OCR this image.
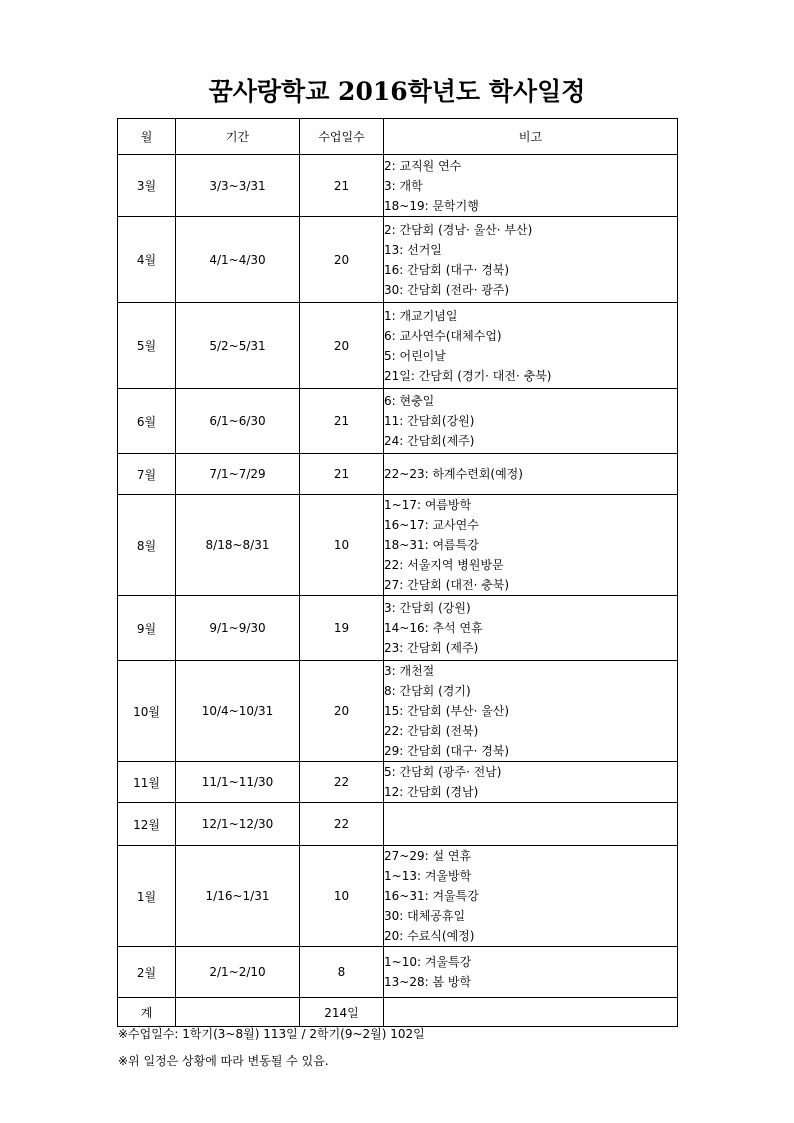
꿈사랑학교 2016학년도 학사일정
월	기간	수업일수	비고
3월	3/3~3/31	21	2: 교직원 연수
3: 개학
18~19: 문학기행

4월	4/1~4/30	20	2: 간담회 (경남· 울산· 부산)
13: 선거일
16: 간담회 (대구· 경북)
30: 간담회 (전라· 광주)

5월	5/2~5/31	20	1: 개교기념일
6: 교사연수(대체수업)
5: 어린이날
21일: 간담회 (경기· 대전· 충북)

6월	6/1~6/30	21	6: 현충일
11: 간담회(강원)
24: 간담회(제주)

7월	7/1~7/29	21	22~23: 하계수련회(예정)

8월	8/18~8/31	10	1~17: 여름방학
16~17: 교사연수
18~31: 여름특강
22: 서울지역 병원방문
27: 간담회 (대전· 충북)

9월	9/1~9/30	19	3: 간담회 (강원)
14~16: 추석 연휴
23: 간담회 (제주)

10월	10/4~10/31	20	3: 개천절
8: 간담회 (경기)
15: 간담회 (부산· 울산)
22: 간담회 (전북)
29: 간담회 (대구· 경북)

11월	11/1~11/30	22	5: 간담회 (광주· 전남)
12: 간담회 (경남)

12월	12/1~12/30	22	
1월	1/16~1/31	10	27~29: 설 연휴
1~13: 겨울방학
16~31: 겨울특강
30: 대체공휴일
20: 수료식(예정)

2월	2/1~2/10	8	1~10: 겨울특강
13~28: 봄 방학

계		214일	
※수업일수: 1학기(3~8월) 113일 / 2학기(9~2월) 102일
※위 일정은 상황에 따라 변동될 수 있음.
